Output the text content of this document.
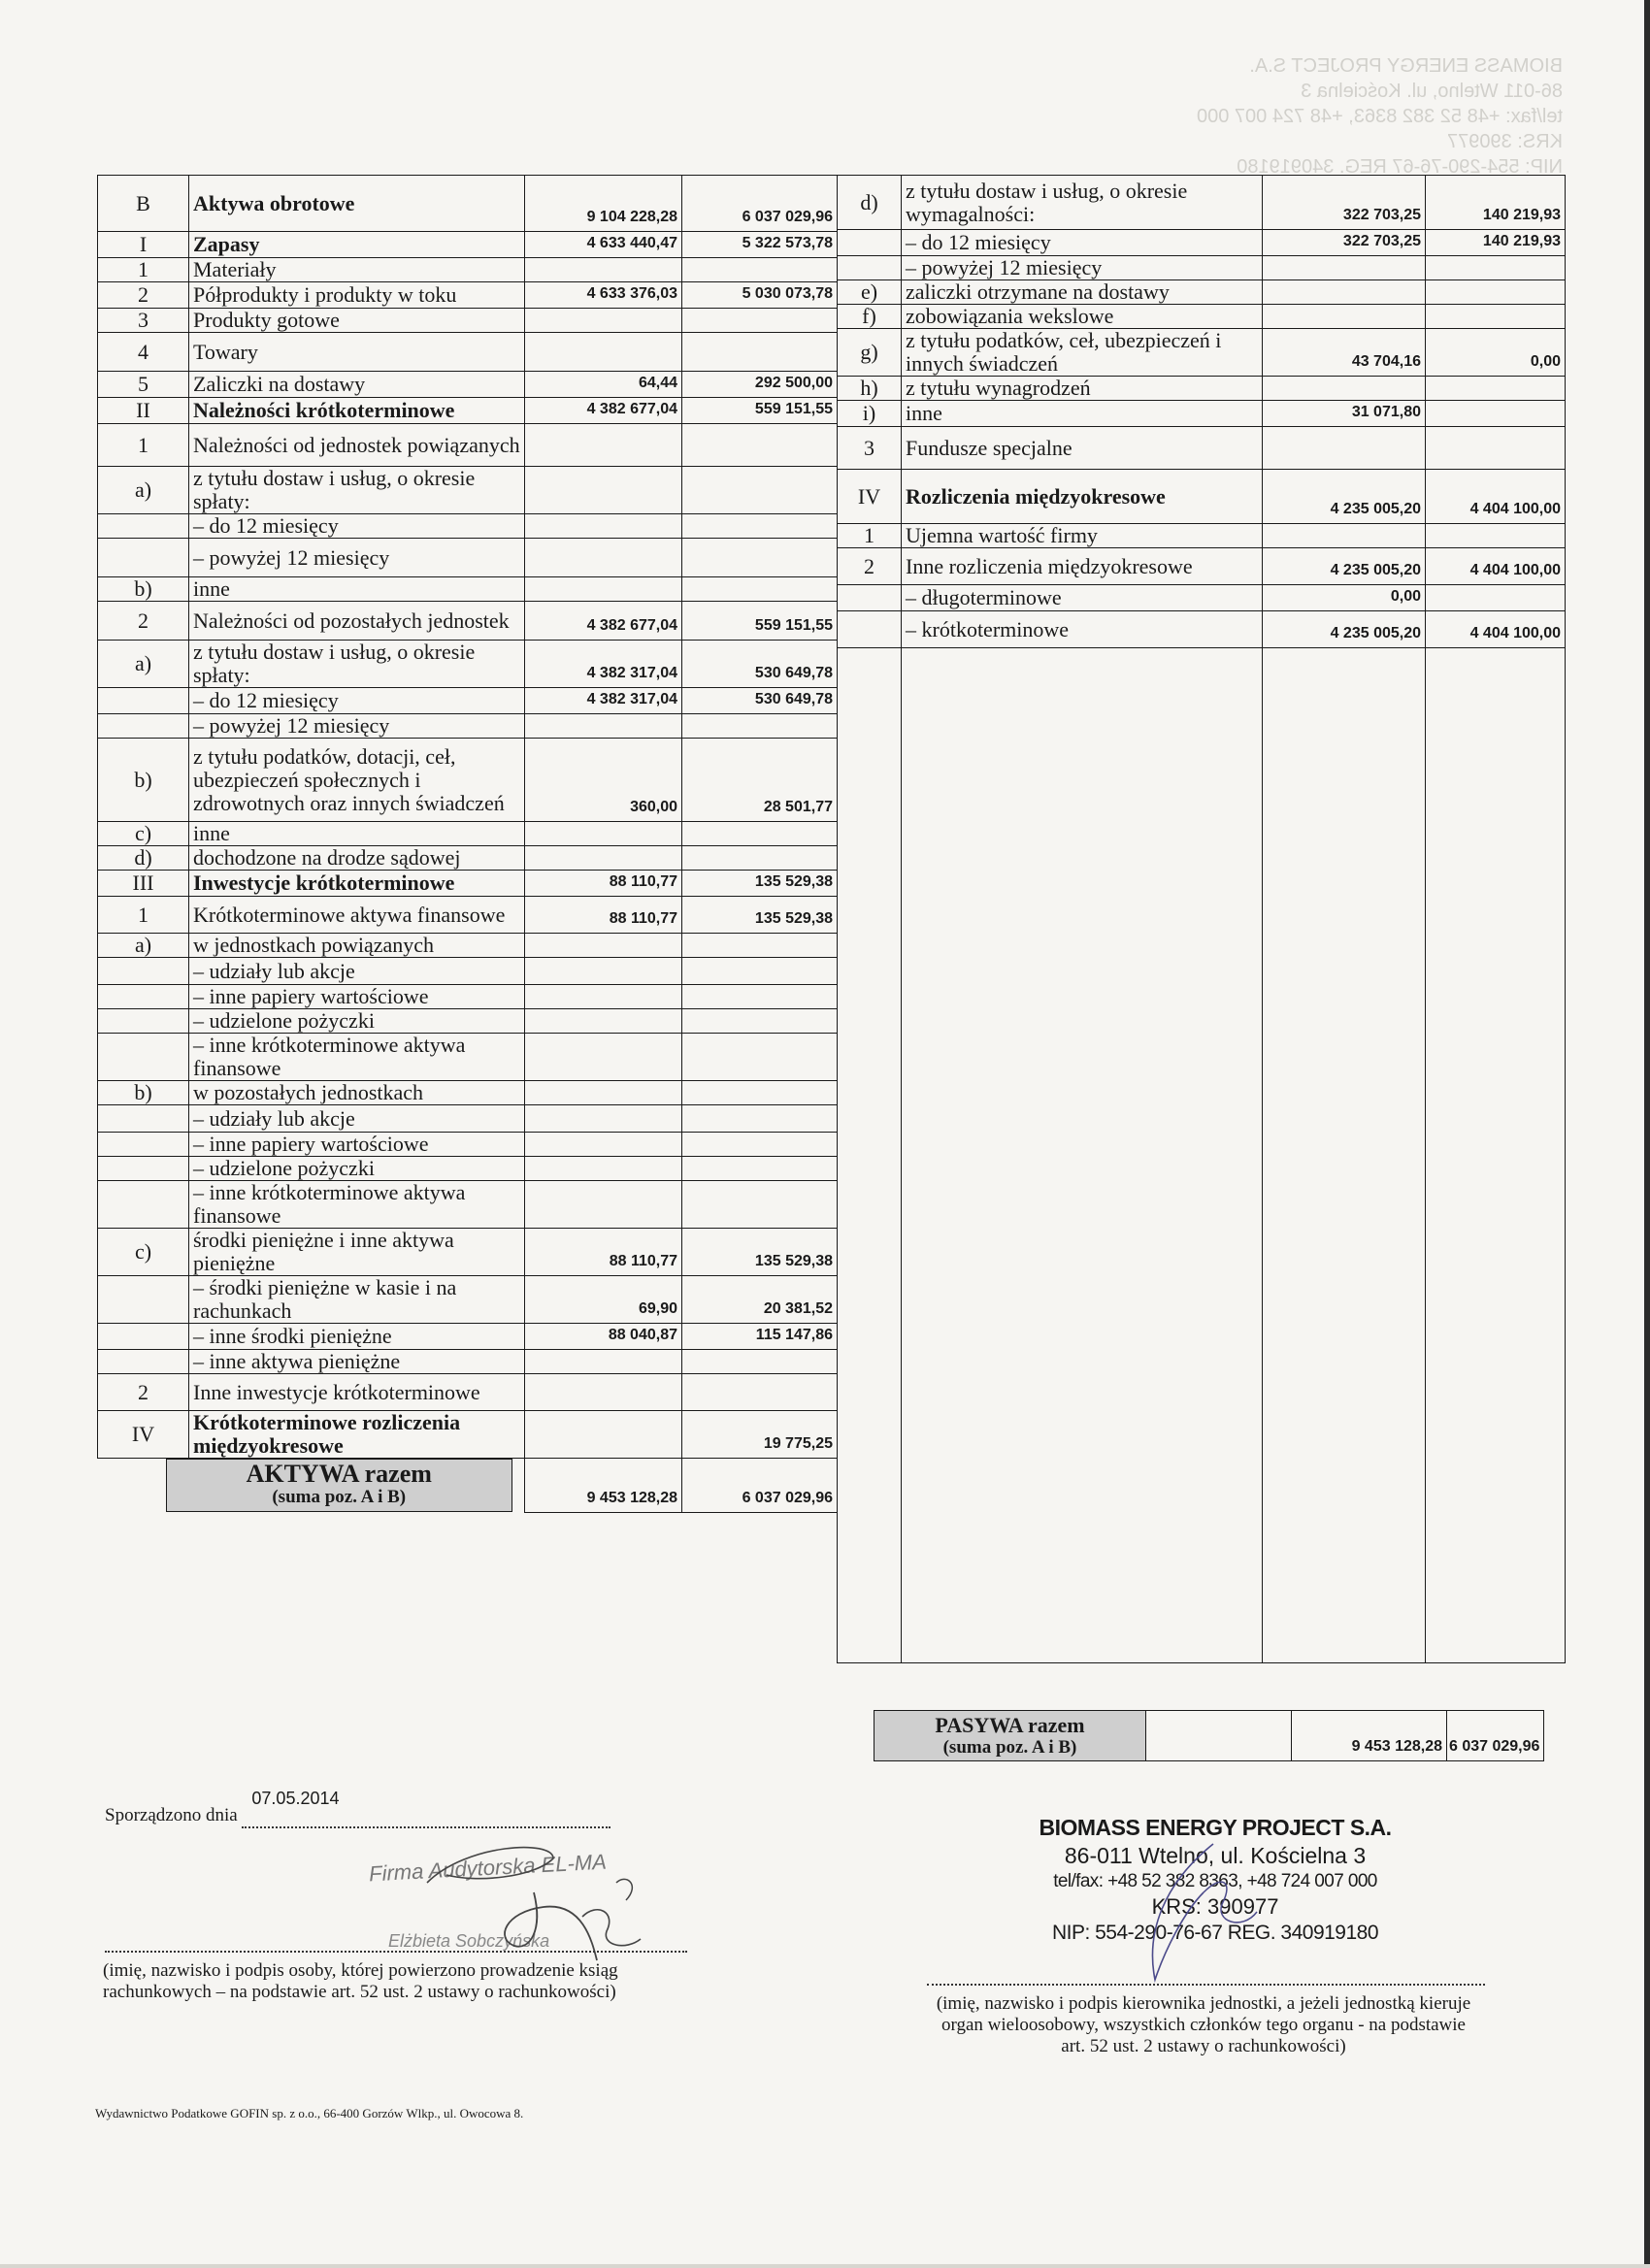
BIOMASS ENERGY PROJECT S.A.
86-011 Wtelno, ul. Kościelna 3
tel/fax: +48 52 382 8363, +48 724 007 000
KRS: 390977
NIP: 554-290-76-67 REG. 340919180
B	Aktywa obrotowe	9 104 228,28	6 037 029,96
I	Zapasy	4 633 440,47	5 322 573,78
1	Materiały		
2	Półprodukty i produkty w toku	4 633 376,03	5 030 073,78
3	Produkty gotowe		
4	Towary		
5	Zaliczki na dostawy	64,44	292 500,00
II	Należności krótkoterminowe	4 382 677,04	559 151,55
1	Należności od jednostek powiązanych		
a)	z tytułu dostaw i usług, o okresie spłaty:		
	– do 12 miesięcy		
	– powyżej 12 miesięcy		
b)	inne		
2	Należności od pozostałych jednostek	4 382 677,04	559 151,55
a)	z tytułu dostaw i usług, o okresie spłaty:	4 382 317,04	530 649,78
	– do 12 miesięcy	4 382 317,04	530 649,78
	– powyżej 12 miesięcy		
b)	z tytułu podatków, dotacji, ceł, ubezpieczeń społecznych i zdrowotnych oraz innych świadczeń	360,00	28 501,77
c)	inne		
d)	dochodzone na drodze sądowej		
III	Inwestycje krótkoterminowe	88 110,77	135 529,38
1	Krótkoterminowe aktywa finansowe	88 110,77	135 529,38
a)	w jednostkach powiązanych		
	– udziały lub akcje		
	– inne papiery wartościowe		
	– udzielone pożyczki		
	– inne krótkoterminowe aktywa finansowe		
b)	w pozostałych jednostkach		
	– udziały lub akcje		
	– inne papiery wartościowe		
	– udzielone pożyczki		
	– inne krótkoterminowe aktywa finansowe		
c)	środki pieniężne i inne aktywa pieniężne	88 110,77	135 529,38
	– środki pieniężne w kasie i na rachunkach	69,90	20 381,52
	– inne środki pieniężne	88 040,87	115 147,86
	– inne aktywa pieniężne		
2	Inne inwestycje krótkoterminowe		
IV	Krótkoterminowe rozliczenia międzyokresowe		19 775,25

AKTYWA razem
(suma poz. A i B)		9 453 128,28	6 037 029,96
d)	z tytułu dostaw i usług, o okresie wymagalności:	322 703,25	140 219,93
	– do 12 miesięcy	322 703,25	140 219,93
	– powyżej 12 miesięcy		
e)	zaliczki otrzymane na dostawy		
f)	zobowiązania wekslowe		
g)	z tytułu podatków, ceł, ubezpieczeń i innych świadczeń	43 704,16	0,00
h)	z tytułu wynagrodzeń		
i)	inne	31 071,80	
3	Fundusze specjalne		
IV	Rozliczenia międzyokresowe	4 235 005,20	4 404 100,00
1	Ujemna wartość firmy		
2	Inne rozliczenia międzyokresowe	4 235 005,20	4 404 100,00
	– długoterminowe	0,00	
	– krótkoterminowe	4 235 005,20	4 404 100,00

PASYWA razem
(suma poz. A i B)		9 453 128,28	6 037 029,96
Sporządzono dnia
07.05.2014

Firma Audytorska EL-MA
Elżbieta Sobczyńska
(imię, nazwisko i podpis osoby, której powierzono prowadzenie ksiąg rachunkowych – na podstawie art. 52 ust. 2 ustawy o rachunkowości)
BIOMASS ENERGY PROJECT S.A.
86-011 Wtelno, ul. Kościelna 3
tel/fax: +48 52 382 8363, +48 724 007 000
KRS: 390977
NIP: 554-290-76-67 REG. 340919180
(imię, nazwisko i podpis kierownika jednostki, a jeżeli jednostką kieruje organ wieloosobowy, wszystkich członków tego organu - na podstawie art. 52 ust. 2 ustawy o rachunkowości)
Wydawnictwo Podatkowe GOFIN sp. z o.o., 66-400 Gorzów Wlkp., ul. Owocowa 8.
